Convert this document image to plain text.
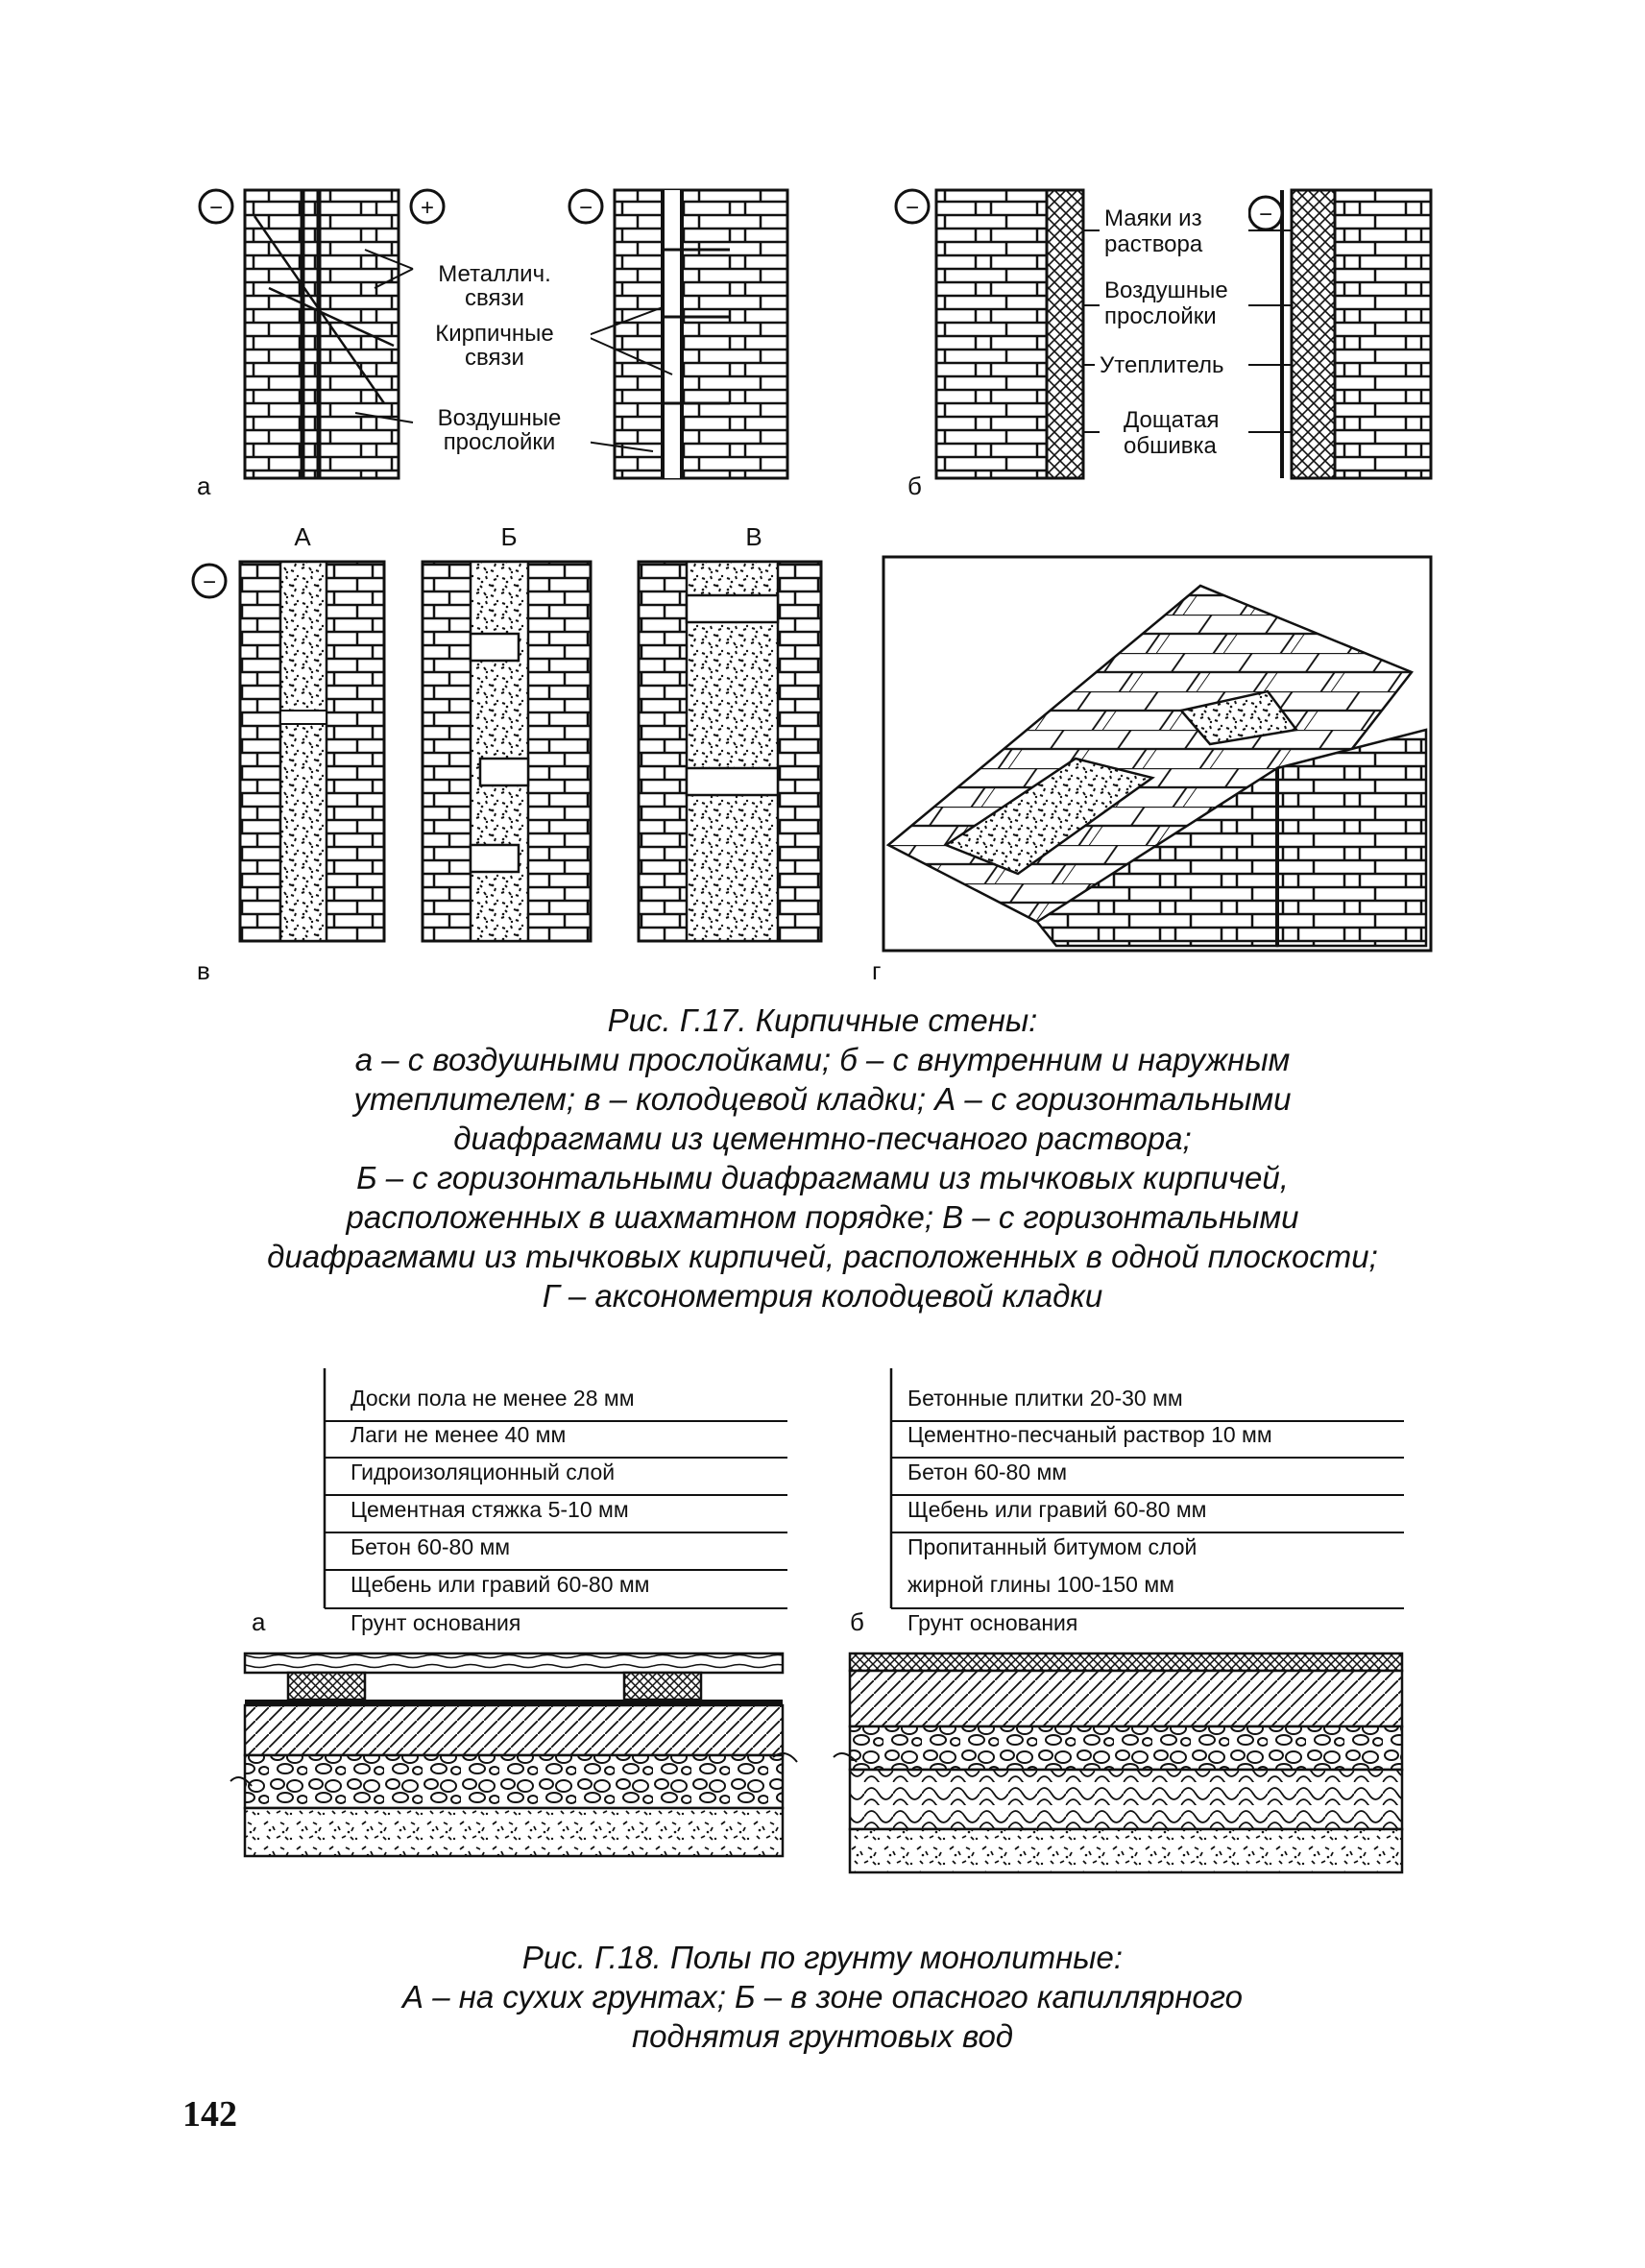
−	+	−
Металлич.
связи
Кирпичные
связи
Воздушные
прослойки
а
−	−
Маяки из
раствора
Воздушные
прослойки
Утеплитель
Дощатая
обшивка
б
−
А	Б	В
в	г
Рис. Г.17. Кирпичные стены:
а – с воздушными прослойками; б – с внутренним и наружным
утеплителем; в – колодцевой кладки; А – с горизонтальными
диафрагмами из цементно-песчаного раствора;
Б – с горизонтальными диафрагмами из тычковых кирпичей,
расположенных в шахматном порядке; В – с горизонтальными
диафрагмами из тычковых кирпичей, расположенных в одной плоскости;
Г – аксонометрия колодцевой кладки
Доски пола не менее 28 мм
Лаги не менее 40 мм
Гидроизоляционный слой
Цементная стяжка 5-10 мм
Бетон 60-80 мм
Щебень или гравий 60-80 мм
Грунт основания
а
Бетонные плитки 20-30 мм
Цементно-песчаный раствор 10 мм
Бетон 60-80 мм
Щебень или гравий 60-80 мм
Пропитанный битумом слой
жирной глины 100-150 мм
Грунт основания
б
Рис. Г.18. Полы по грунту монолитные:
А – на сухих грунтах; Б – в зоне опасного капиллярного
поднятия грунтовых вод
142
